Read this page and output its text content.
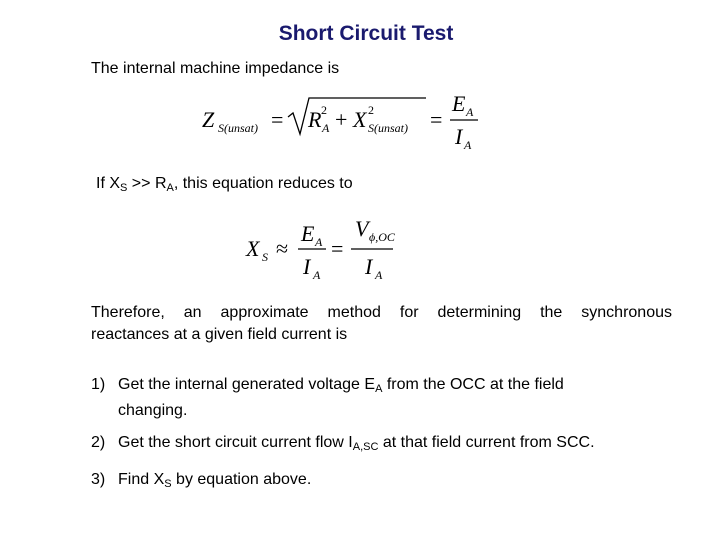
Short Circuit Test
The internal machine impedance is
Z S(unsat) = R 2
A + X 2
S(unsat) =
E A
I A
If $X_S >> R_A$, this equation reduces to
X S ≈
E A
I A
=
V ϕ,OC
I A
Therefore, an approximate method for determining the synchronous
reactances at a given field current is
1) Get the internal generated voltage $E_A$ from the OCC at the field
changing.
2) Get the short circuit current flow $I_{A,SC}$ at that field current from SCC.
3) Find $X_S$ by equation above.
